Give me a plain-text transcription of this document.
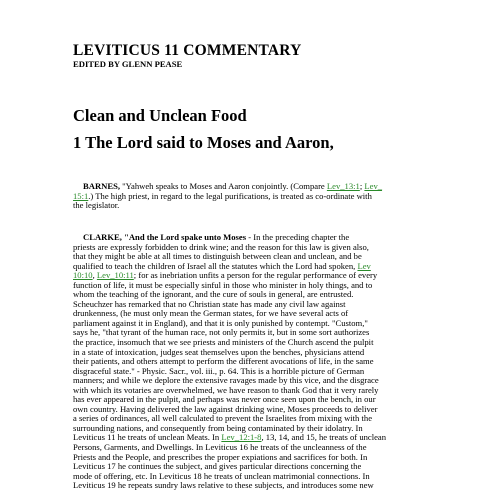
LEVITICUS 11 COMMENTARY

EDITED BY GLENN PEASE

Clean and Unclean Food
1 The Lord said to Moses and Aaron,
BARNES, "Yahweh speaks to Moses and Aaron conjointly. (Compare Lev_13:1; Lev_
15:1.) The high priest, in regard to the legal purifications, is treated as co-ordinate with
the legislator.
CLARKE, "And the Lord spake unto Moses - In the preceding chapter the
priests are expressly forbidden to drink wine; and the reason for this law is given also,
that they might be able at all times to distinguish between clean and unclean, and be
qualified to teach the children of Israel all the statutes which the Lord had spoken, Lev
10:10, Lev_10:11; for as inebriation unfits a person for the regular performance of every
function of life, it must be especially sinful in those who minister in holy things, and to
whom the teaching of the ignorant, and the cure of souls in general, are entrusted.
Scheuchzer has remarked that no Christian state has made any civil law against
drunkenness, (he must only mean the German states, for we have several acts of
parliament against it in England), and that it is only punished by contempt. "Custom,"
says he, "that tyrant of the human race, not only permits it, but in some sort authorizes
the practice, insomuch that we see priests and ministers of the Church ascend the pulpit
in a state of intoxication, judges seat themselves upon the benches, physicians attend
their patients, and others attempt to perform the different avocations of life, in the same
disgraceful state." - Physic. Sacr., vol. iii., p. 64. This is a horrible picture of German
manners; and while we deplore the extensive ravages made by this vice, and the disgrace
with which its votaries are overwhelmed, we have reason to thank God that it very rarely
has ever appeared in the pulpit, and perhaps was never once seen upon the bench, in our
own country. Having delivered the law against drinking wine, Moses proceeds to deliver
a series of ordinances, all well calculated to prevent the Israelites from mixing with the
surrounding nations, and consequently from being contaminated by their idolatry. In
Leviticus 11 he treats of unclean Meats. In Lev_12:1-8, 13, 14, and 15, he treats of unclean
Persons, Garments, and Dwellings. In Leviticus 16 he treats of the uncleanness of the
Priests and the People, and prescribes the proper expiations and sacrifices for both. In
Leviticus 17 he continues the subject, and gives particular directions concerning the
mode of offering, etc. In Leviticus 18 he treats of unclean matrimonial connections. In
Leviticus 19 he repeats sundry laws relative to these subjects, and introduces some new
